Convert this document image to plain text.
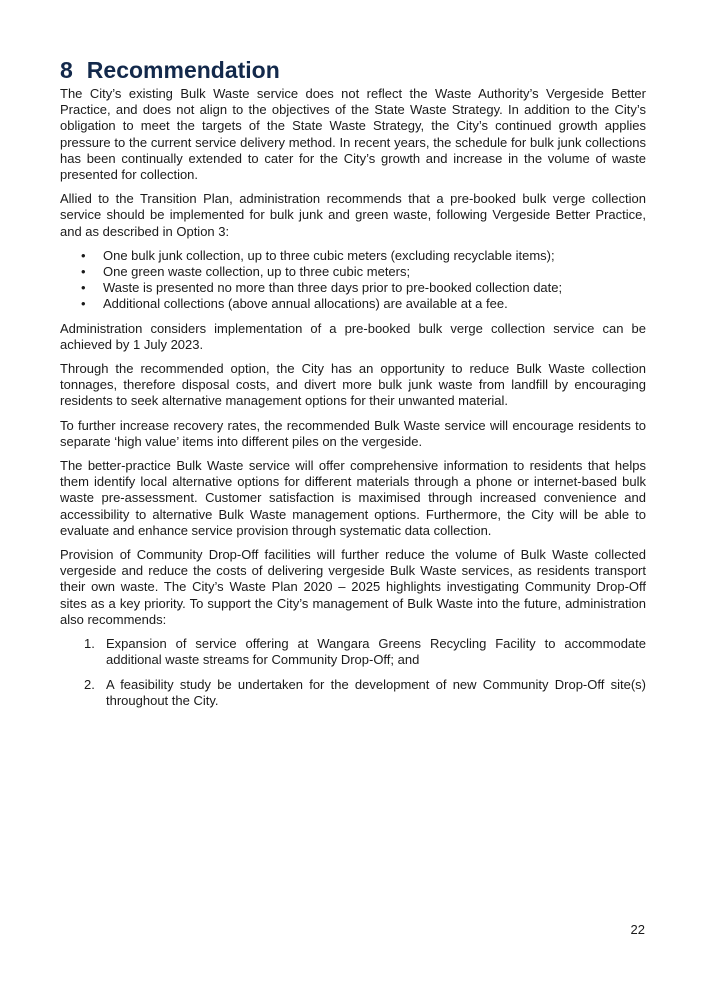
8 Recommendation

The City’s existing Bulk Waste service does not reflect the Waste Authority’s Vergeside Better Practice, and does not align to the objectives of the State Waste Strategy. In addition to the City’s obligation to meet the targets of the State Waste Strategy, the City’s continued growth applies pressure to the current service delivery method. In recent years, the schedule for bulk junk collections has been continually extended to cater for the City’s growth and increase in the volume of waste presented for collection.

Allied to the Transition Plan, administration recommends that a pre-booked bulk verge collection service should be implemented for bulk junk and green waste, following Vergeside Better Practice, and as described in Option 3:

• One bulk junk collection, up to three cubic meters (excluding recyclable items);
• One green waste collection, up to three cubic meters;
• Waste is presented no more than three days prior to pre-booked collection date;
• Additional collections (above annual allocations) are available at a fee.

Administration considers implementation of a pre-booked bulk verge collection service can be achieved by 1 July 2023.

Through the recommended option, the City has an opportunity to reduce Bulk Waste collection tonnages, therefore disposal costs, and divert more bulk junk waste from landfill by encouraging residents to seek alternative management options for their unwanted material.

To further increase recovery rates, the recommended Bulk Waste service will encourage residents to separate ‘high value’ items into different piles on the vergeside.

The better-practice Bulk Waste service will offer comprehensive information to residents that helps them identify local alternative options for different materials through a phone or internet-based bulk waste pre-assessment. Customer satisfaction is maximised through increased convenience and accessibility to alternative Bulk Waste management options. Furthermore, the City will be able to evaluate and enhance service provision through systematic data collection.

Provision of Community Drop-Off facilities will further reduce the volume of Bulk Waste collected vergeside and reduce the costs of delivering vergeside Bulk Waste services, as residents transport their own waste. The City’s Waste Plan 2020 – 2025 highlights investigating Community Drop-Off sites as a key priority. To support the City’s management of Bulk Waste into the future, administration also recommends:

1. Expansion of service offering at Wangara Greens Recycling Facility to accommodate additional waste streams for Community Drop-Off; and
2. A feasibility study be undertaken for the development of new Community Drop-Off site(s) throughout the City.
22
